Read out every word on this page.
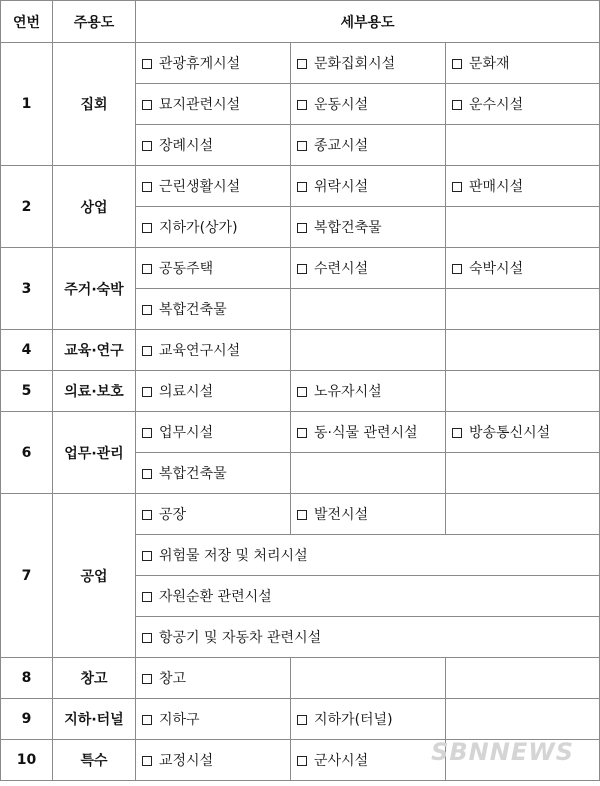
연번	주용도	세부용도		
1	집회	관광휴게시설	문화집회시설	문화재
		묘지관련시설	운동시설	운수시설
		장례시설	종교시설	
2	상업	근린생활시설	위락시설	판매시설
		지하가(상가)	복합건축물	
3	주거·숙박	공동주택	수련시설	숙박시설
		복합건축물		
4	교육·연구	교육연구시설		
5	의료·보호	의료시설	노유자시설	
6	업무·관리	업무시설	동·식물 관련시설	방송통신시설
		복합건축물		
7	공업	공장	발전시설	
		위험물 저장 및 처리시설		
		자원순환 관련시설		
		항공기 및 자동차 관련시설		
8	창고	창고		
9	지하·터널	지하구	지하가(터널)	
10	특수	교정시설	군사시설		SBNNEWS
